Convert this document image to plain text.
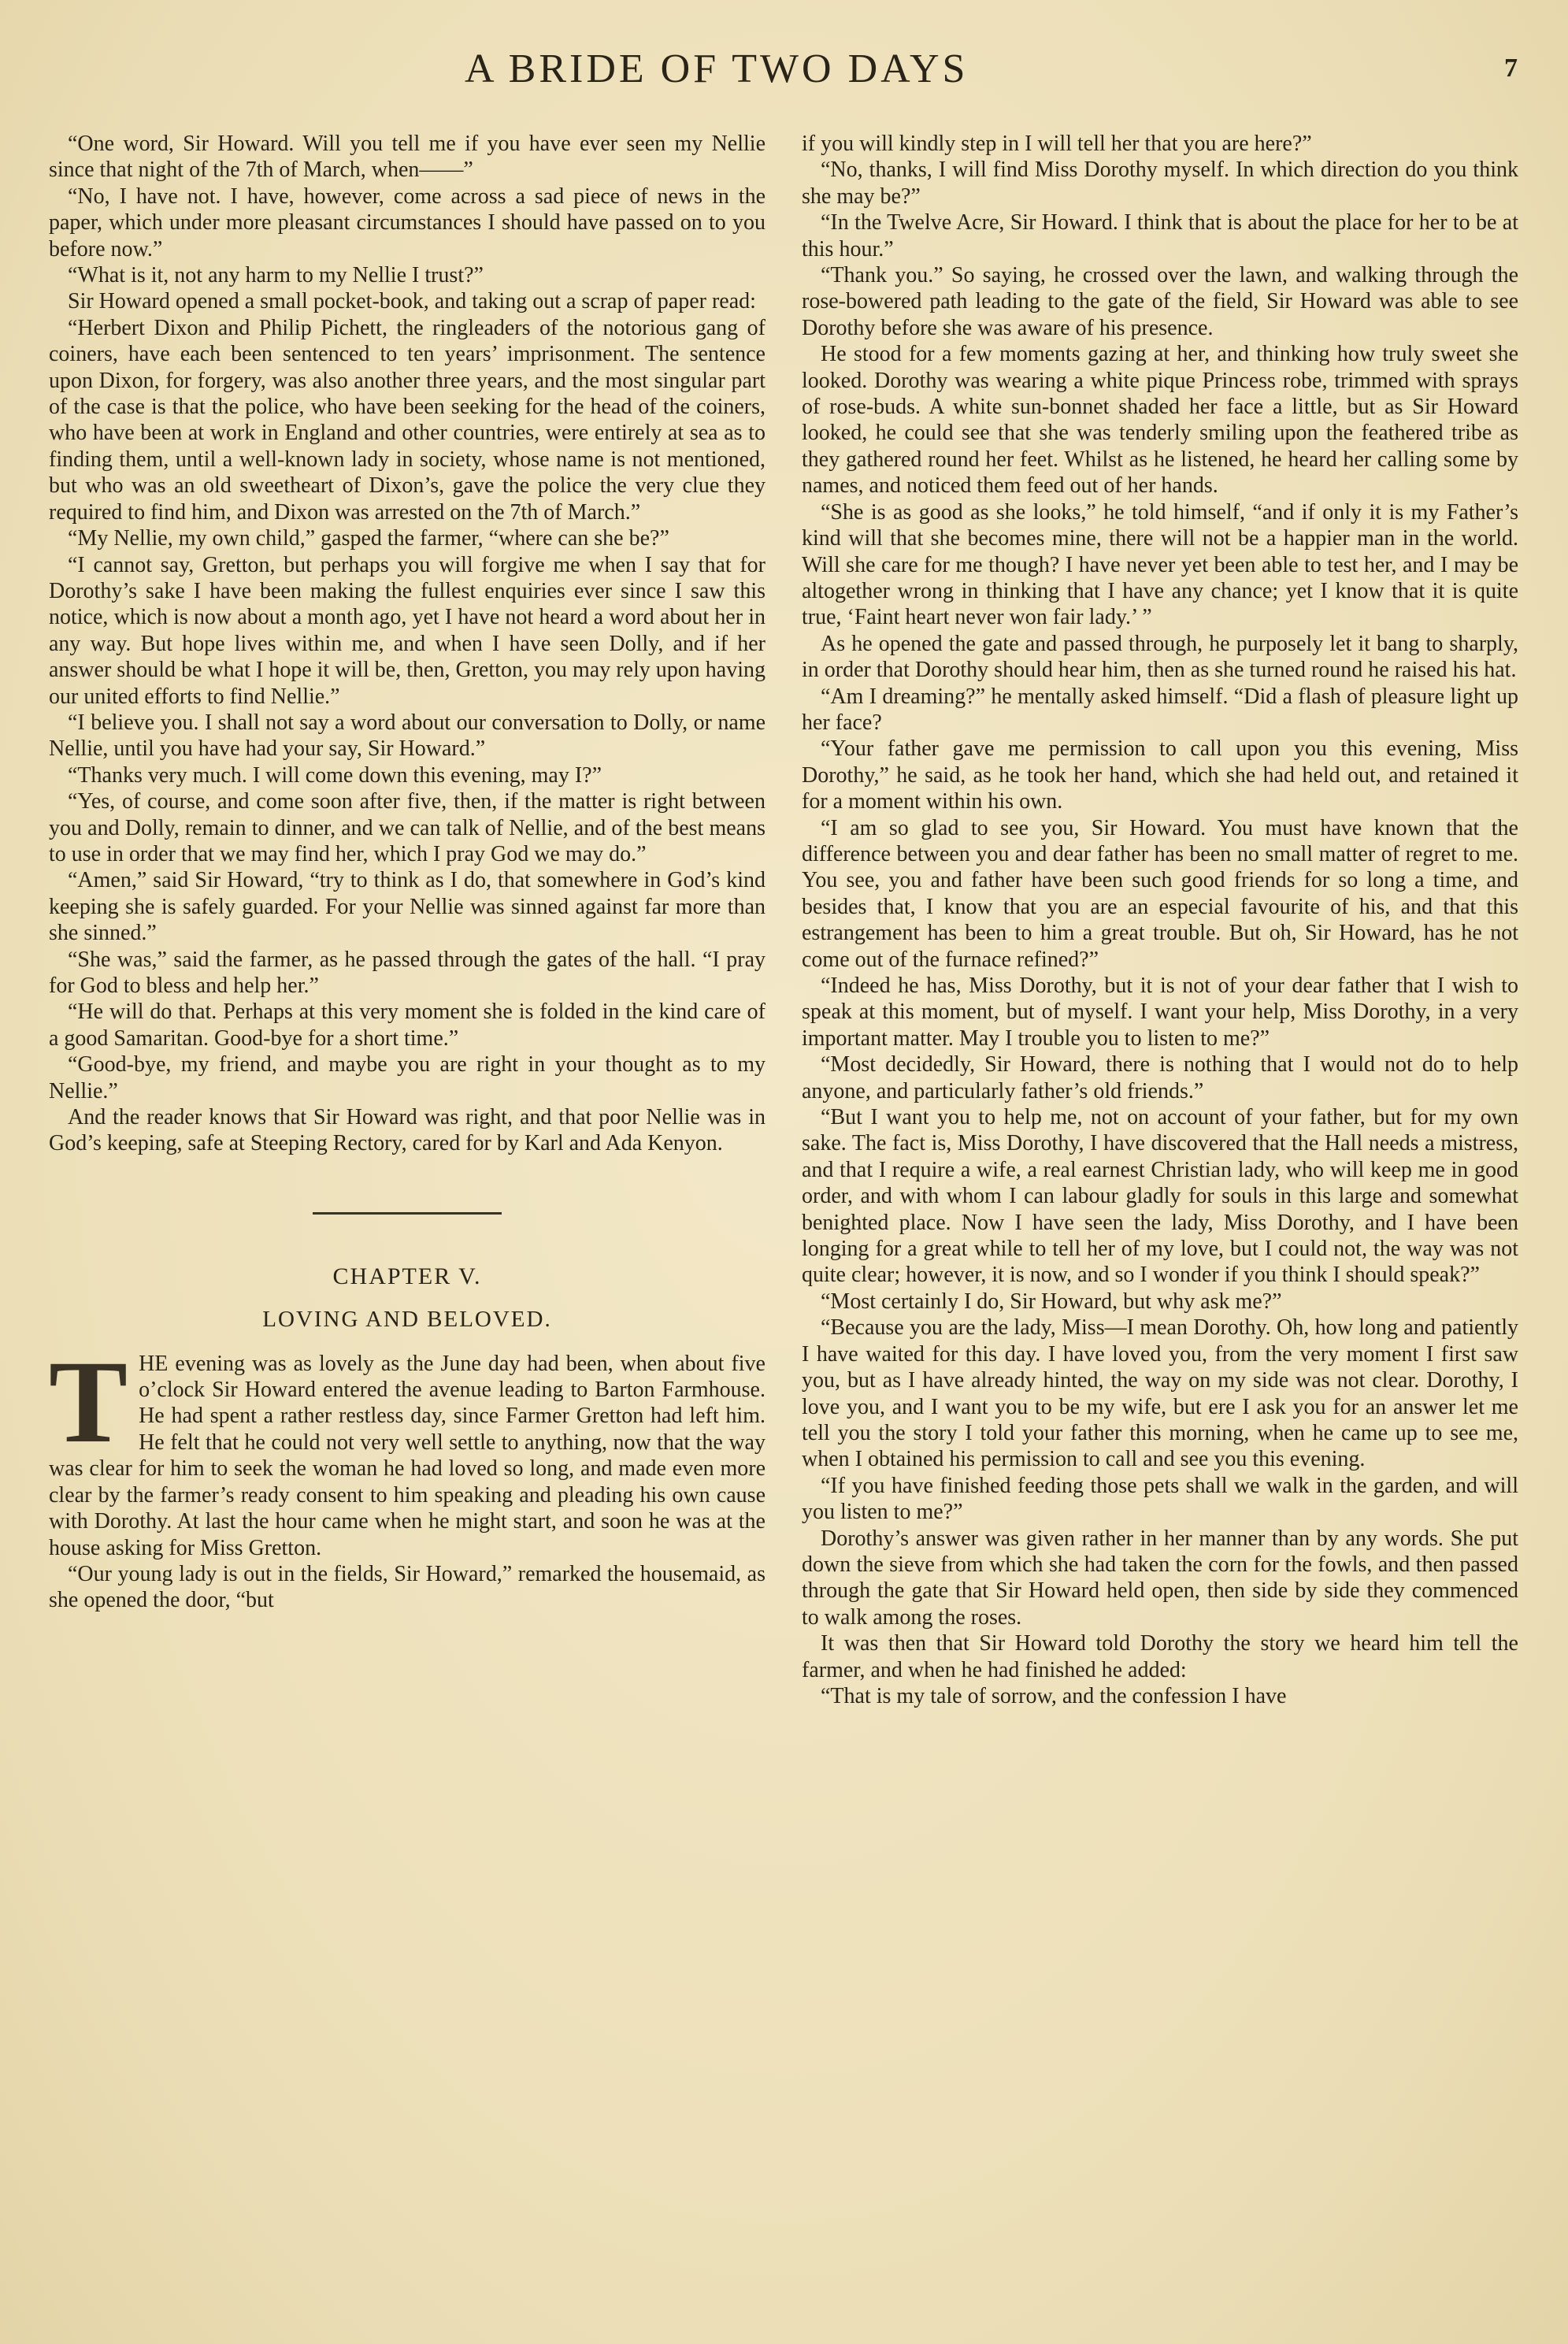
A BRIDE OF TWO DAYS	7

“One word, Sir Howard. Will you tell me if you have ever seen my Nellie since that night of the 7th of March, when——”

“No, I have not. I have, however, come across a sad piece of news in the paper, which under more pleasant circumstances I should have passed on to you before now.”

“What is it, not any harm to my Nellie I trust?”

Sir Howard opened a small pocket-book, and taking out a scrap of paper read:

“Herbert Dixon and Philip Pichett, the ringleaders of the notorious gang of coiners, have each been sentenced to ten years’ imprisonment. The sentence upon Dixon, for forgery, was also another three years, and the most singular part of the case is that the police, who have been seeking for the head of the coiners, who have been at work in England and other countries, were entirely at sea as to finding them, until a well-known lady in society, whose name is not mentioned, but who was an old sweetheart of Dixon’s, gave the police the very clue they required to find him, and Dixon was arrested on the 7th of March.”

“My Nellie, my own child,” gasped the farmer, “where can she be?”

“I cannot say, Gretton, but perhaps you will forgive me when I say that for Dorothy’s sake I have been making the fullest enquiries ever since I saw this notice, which is now about a month ago, yet I have not heard a word about her in any way. But hope lives within me, and when I have seen Dolly, and if her answer should be what I hope it will be, then, Gretton, you may rely upon having our united efforts to find Nellie.”

“I believe you. I shall not say a word about our conversation to Dolly, or name Nellie, until you have had your say, Sir Howard.”

“Thanks very much. I will come down this evening, may I?”

“Yes, of course, and come soon after five, then, if the matter is right between you and Dolly, remain to dinner, and we can talk of Nellie, and of the best means to use in order that we may find her, which I pray God we may do.”

“Amen,” said Sir Howard, “try to think as I do, that somewhere in God’s kind keeping she is safely guarded. For your Nellie was sinned against far more than she sinned.”

“She was,” said the farmer, as he passed through the gates of the hall. “I pray for God to bless and help her.”

“He will do that. Perhaps at this very moment she is folded in the kind care of a good Samaritan. Good-bye for a short time.”

“Good-bye, my friend, and maybe you are right in your thought as to my Nellie.”

And the reader knows that Sir Howard was right, and that poor Nellie was in God’s keeping, safe at Steeping Rectory, cared for by Karl and Ada Kenyon.

CHAPTER V.
LOVING AND BELOVED.

THE evening was as lovely as the June day had been, when about five o’clock Sir Howard entered the avenue leading to Barton Farmhouse. He had spent a rather restless day, since Farmer Gretton had left him. He felt that he could not very well settle to anything, now that the way was clear for him to seek the woman he had loved so long, and made even more clear by the farmer’s ready consent to him speaking and pleading his own cause with Dorothy. At last the hour came when he might start, and soon he was at the house asking for Miss Gretton.

“Our young lady is out in the fields, Sir Howard,” remarked the housemaid, as she opened the door, “but

if you will kindly step in I will tell her that you are here?”

“No, thanks, I will find Miss Dorothy myself. In which direction do you think she may be?”

“In the Twelve Acre, Sir Howard. I think that is about the place for her to be at this hour.”

“Thank you.” So saying, he crossed over the lawn, and walking through the rose-bowered path leading to the gate of the field, Sir Howard was able to see Dorothy before she was aware of his presence.

He stood for a few moments gazing at her, and thinking how truly sweet she looked. Dorothy was wearing a white pique Princess robe, trimmed with sprays of rose-buds. A white sun-bonnet shaded her face a little, but as Sir Howard looked, he could see that she was tenderly smiling upon the feathered tribe as they gathered round her feet. Whilst as he listened, he heard her calling some by names, and noticed them feed out of her hands.

“She is as good as she looks,” he told himself, “and if only it is my Father’s kind will that she becomes mine, there will not be a happier man in the world. Will she care for me though? I have never yet been able to test her, and I may be altogether wrong in thinking that I have any chance; yet I know that it is quite true, ‘Faint heart never won fair lady.’ ”

As he opened the gate and passed through, he purposely let it bang to sharply, in order that Dorothy should hear him, then as she turned round he raised his hat.

“Am I dreaming?” he mentally asked himself. “Did a flash of pleasure light up her face?

“Your father gave me permission to call upon you this evening, Miss Dorothy,” he said, as he took her hand, which she had held out, and retained it for a moment within his own.

“I am so glad to see you, Sir Howard. You must have known that the difference between you and dear father has been no small matter of regret to me. You see, you and father have been such good friends for so long a time, and besides that, I know that you are an especial favourite of his, and that this estrangement has been to him a great trouble. But oh, Sir Howard, has he not come out of the furnace refined?”

“Indeed he has, Miss Dorothy, but it is not of your dear father that I wish to speak at this moment, but of myself. I want your help, Miss Dorothy, in a very important matter. May I trouble you to listen to me?”

“Most decidedly, Sir Howard, there is nothing that I would not do to help anyone, and particularly father’s old friends.”

“But I want you to help me, not on account of your father, but for my own sake. The fact is, Miss Dorothy, I have discovered that the Hall needs a mistress, and that I require a wife, a real earnest Christian lady, who will keep me in good order, and with whom I can labour gladly for souls in this large and somewhat benighted place. Now I have seen the lady, Miss Dorothy, and I have been longing for a great while to tell her of my love, but I could not, the way was not quite clear; however, it is now, and so I wonder if you think I should speak?”

“Most certainly I do, Sir Howard, but why ask me?”

“Because you are the lady, Miss—I mean Dorothy. Oh, how long and patiently I have waited for this day. I have loved you, from the very moment I first saw you, but as I have already hinted, the way on my side was not clear. Dorothy, I love you, and I want you to be my wife, but ere I ask you for an answer let me tell you the story I told your father this morning, when he came up to see me, when I obtained his permission to call and see you this evening.

“If you have finished feeding those pets shall we walk in the garden, and will you listen to me?”

Dorothy’s answer was given rather in her manner than by any words. She put down the sieve from which she had taken the corn for the fowls, and then passed through the gate that Sir Howard held open, then side by side they commenced to walk among the roses.

It was then that Sir Howard told Dorothy the story we heard him tell the farmer, and when he had finished he added:

“That is my tale of sorrow, and the confession I have
